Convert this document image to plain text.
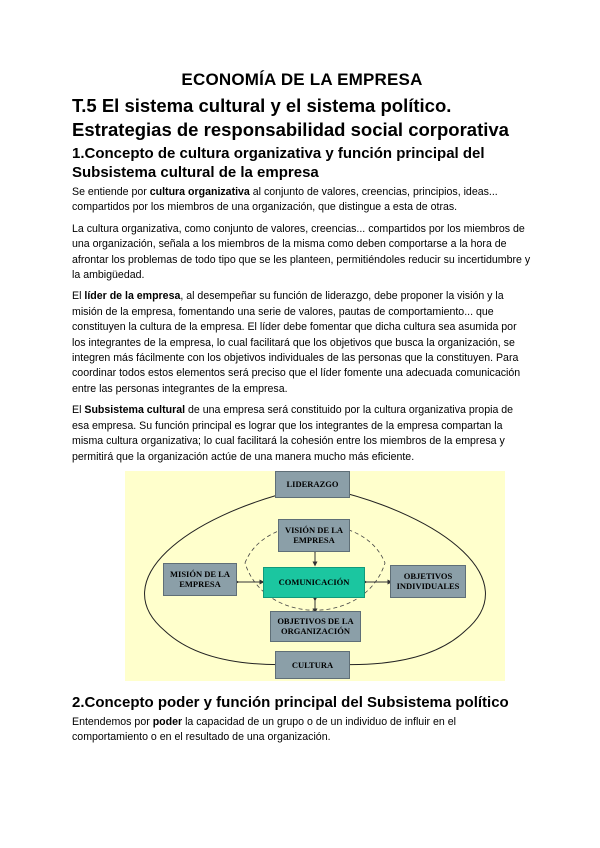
ECONOMÍA DE LA EMPRESA
T.5 El sistema cultural y el sistema político.
Estrategias de responsabilidad social corporativa
1.Concepto de cultura organizativa y función principal del
Subsistema cultural de la empresa

Se entiende por cultura organizativa al conjunto de valores, creencias, principios, ideas... compartidos por los miembros de una organización, que distingue a esta de otras.

La cultura organizativa, como conjunto de valores, creencias... compartidos por los miembros de una organización, señala a los miembros de la misma como deben comportarse a la hora de afrontar los problemas de todo tipo que se les planteen, permitiéndoles reducir su incertidumbre y la ambigüedad.

El líder de la empresa, al desempeñar su función de liderazgo, debe proponer la visión y la misión de la empresa, fomentando una serie de valores, pautas de comportamiento... que constituyen la cultura de la empresa. El líder debe fomentar que dicha cultura sea asumida por los integrantes de la empresa, lo cual facilitará que los objetivos que busca la organización, se integren más fácilmente con los objetivos individuales de las personas que la constituyen. Para coordinar todos estos elementos será preciso que el líder fomente una adecuada comunicación entre las personas integrantes de la empresa.

El Subsistema cultural de una empresa será constituido por la cultura organizativa propia de esa empresa. Su función principal es lograr que los integrantes de la empresa compartan la misma cultura organizativa; lo cual facilitará la cohesión entre los miembros de la empresa y permitirá que la organización actúe de una manera mucho más eficiente.

LIDERAZGO
VISIÓN DE LA EMPRESA
MISIÓN DE LA EMPRESA	COMUNICACIÓN
OBJETIVOS INDIVIDUALES
OBJETIVOS DE LA ORGANIZACIÓN
CULTURA
2.Concepto poder y función principal del Subsistema político

Entendemos por poder la capacidad de un grupo o de un individuo de influir en el comportamiento o en el resultado de una organización.
